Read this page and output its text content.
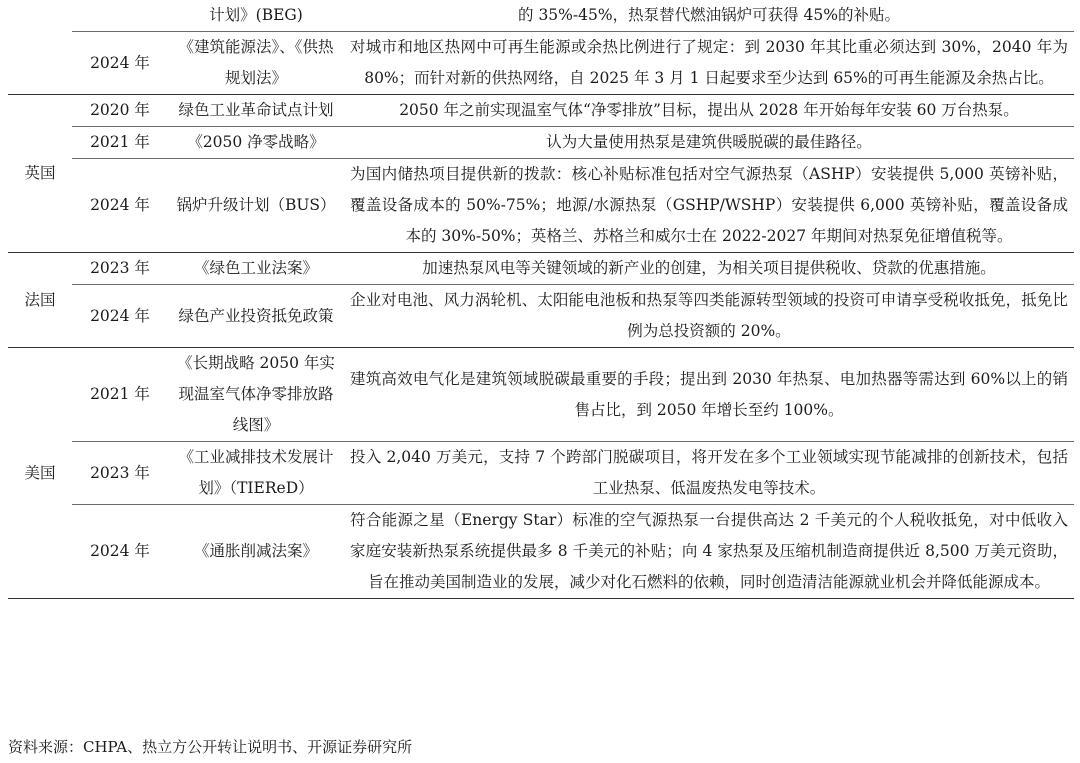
		计划》(BEG)	的 35%-45%，热泵替代燃油锅炉可获得 45%的补贴。
	2024 年	《建筑能源法》、《供热规划法》	对城市和地区热网中可再生能源或余热比例进行了规定：到 2030 年其比重必须达到 30%，2040 年为 80%；而针对新的供热网络，自 2025 年 3 月 1 日起要求至少达到 65%的可再生能源及余热占比。
英国	2020 年	绿色工业革命试点计划	2050 年之前实现温室气体“净零排放”目标，提出从 2028 年开始每年安装 60 万台热泵。
	2021 年	《2050 净零战略》	认为大量使用热泵是建筑供暖脱碳的最佳路径。
	2024 年	锅炉升级计划（BUS）	为国内储热项目提供新的拨款：核心补贴标准包括对空气源热泵（ASHP）安装提供 5,000 英镑补贴，覆盖设备成本的 50%-75%；地源/水源热泵（GSHP/WSHP）安装提供 6,000 英镑补贴，覆盖设备成本的 30%-50%；英格兰、苏格兰和威尔士在 2022-2027 年期间对热泵免征增值税等。
法国	2023 年	《绿色工业法案》	加速热泵风电等关键领域的新产业的创建，为相关项目提供税收、贷款的优惠措施。
	2024 年	绿色产业投资抵免政策	企业对电池、风力涡轮机、太阳能电池板和热泵等四类能源转型领域的投资可申请享受税收抵免，抵免比例为总投资额的 20%。
美国	2021 年	《长期战略 2050 年实现温室气体净零排放路线图》	建筑高效电气化是建筑领域脱碳最重要的手段；提出到 2030 年热泵、电加热器等需达到 60%以上的销售占比，到 2050 年增长至约 100%。
	2023 年	《工业减排技术发展计划》（TIEReD）	投入 2,040 万美元，支持 7 个跨部门脱碳项目，将开发在多个工业领域实现节能减排的创新技术，包括工业热泵、低温废热发电等技术。
	2024 年	《通胀削减法案》	符合能源之星（Energy Star）标准的空气源热泵一台提供高达 2 千美元的个人税收抵免，对中低收入家庭安装新热泵系统提供最多 8 千美元的补贴；向 4 家热泵及压缩机制造商提供近 8,500 万美元资助，旨在推动美国制造业的发展，减少对化石燃料的依赖，同时创造清洁能源就业机会并降低能源成本。
资料来源：CHPA、热立方公开转让说明书、开源证券研究所
